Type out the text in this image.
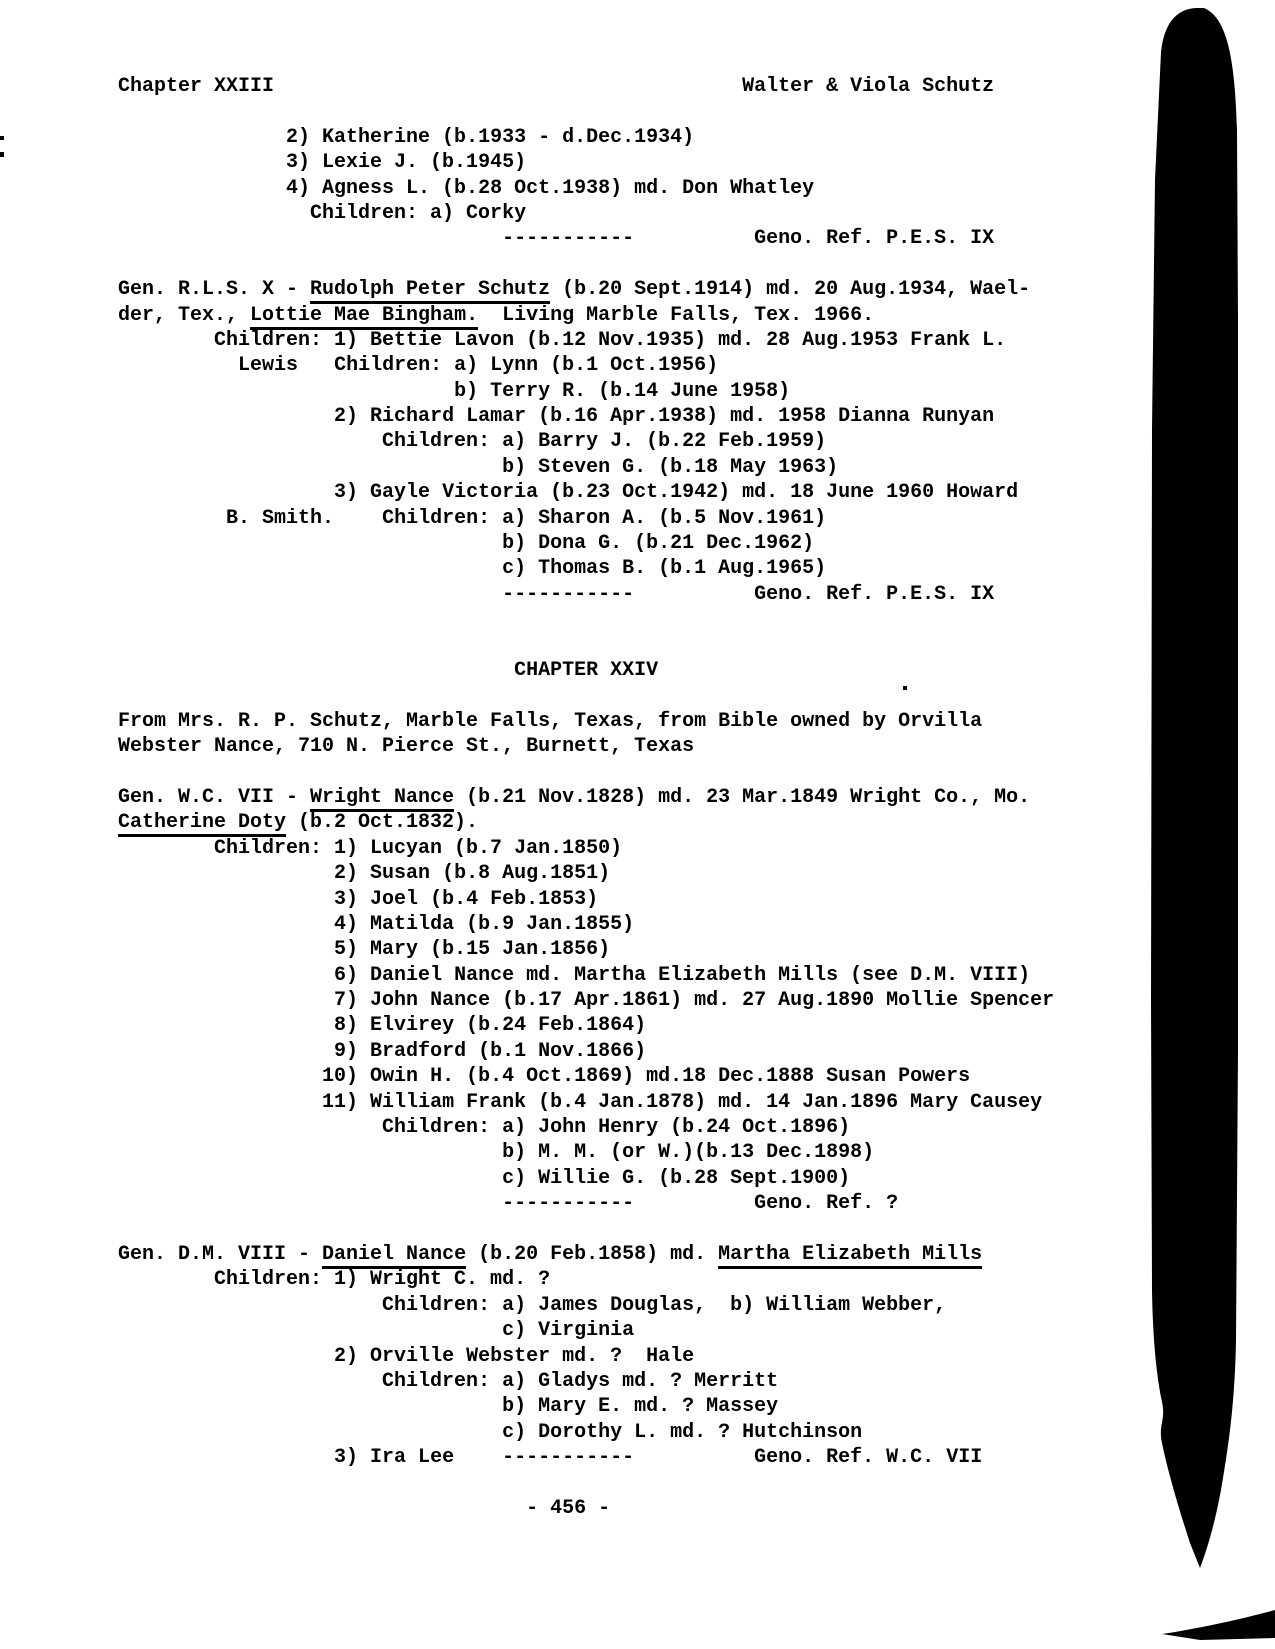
Chapter XXIII	Walter & Viola Schutz

2) Katherine (b.1933 - d.Dec.1934)
3) Lexie J. (b.1945)
4) Agness L. (b.28 Oct.1938) md. Don Whatley
Children: a) Corky
-----------	Geno. Ref. P.E.S. IX

Gen. R.L.S. X - Rudolph Peter Schutz (b.20 Sept.1914) md. 20 Aug.1934, Wael-
der, Tex., Lottie Mae Bingham.  Living Marble Falls, Tex. 1966.
Children: 1) Bettie Lavon (b.12 Nov.1935) md. 28 Aug.1953 Frank L.
Lewis Children: a) Lynn (b.1 Oct.1956)
b) Terry R. (b.14 June 1958)
2) Richard Lamar (b.16 Apr.1938) md. 1958 Dianna Runyan
Children: a) Barry J. (b.22 Feb.1959)
b) Steven G. (b.18 May 1963)
3) Gayle Victoria (b.23 Oct.1942) md. 18 June 1960 Howard
B. Smith. Children: a) Sharon A. (b.5 Nov.1961)
b) Dona G. (b.21 Dec.1962)
c) Thomas B. (b.1 Aug.1965)
-----------	Geno. Ref. P.E.S. IX

CHAPTER XXIV

From Mrs. R. P. Schutz, Marble Falls, Texas, from Bible owned by Orvilla
Webster Nance, 710 N. Pierce St., Burnett, Texas

Gen. W.C. VII - Wright Nance (b.21 Nov.1828) md. 23 Mar.1849 Wright Co., Mo.
Catherine Doty (b.2 Oct.1832).
Children: 1) Lucyan (b.7 Jan.1850)
2) Susan (b.8 Aug.1851)
3) Joel (b.4 Feb.1853)
4) Matilda (b.9 Jan.1855)
5) Mary (b.15 Jan.1856)
6) Daniel Nance md. Martha Elizabeth Mills (see D.M. VIII)
7) John Nance (b.17 Apr.1861) md. 27 Aug.1890 Mollie Spencer
8) Elvirey (b.24 Feb.1864)
9) Bradford (b.1 Nov.1866)
10) Owin H. (b.4 Oct.1869) md.18 Dec.1888 Susan Powers
11) William Frank (b.4 Jan.1878) md. 14 Jan.1896 Mary Causey
Children: a) John Henry (b.24 Oct.1896)
b) M. M. (or W.)(b.13 Dec.1898)
c) Willie G. (b.28 Sept.1900)
-----------	Geno. Ref. ?

Gen. D.M. VIII - Daniel Nance (b.20 Feb.1858) md. Martha Elizabeth Mills
Children: 1) Wright C. md. ?
Children: a) James Douglas,  b) William Webber,
c) Virginia
2) Orville Webster md. ?  Hale
Children: a) Gladys md. ? Merritt
b) Mary E. md. ? Massey
c) Dorothy L. md. ? Hutchinson
3) Ira Lee -----------	Geno. Ref. W.C. VII

- 456 -
